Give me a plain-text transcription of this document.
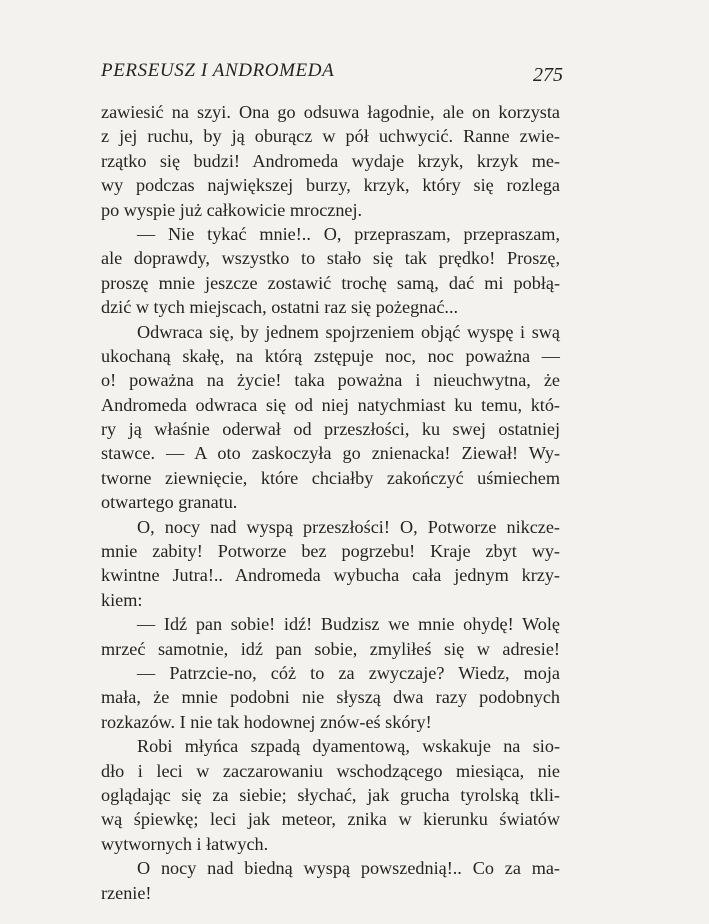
PERSEUSZ I ANDROMEDA	275
zawiesić na szyi. Ona go odsuwa łagodnie, ale on korzysta
z jej ruchu, by ją oburącz w pół uchwycić. Ranne zwie-
rzątko się budzi! Andromeda wydaje krzyk, krzyk me-
wy podczas największej burzy, krzyk, który się rozlega
po wyspie już całkowicie mrocznej.
— Nie tykać mnie!.. O, przepraszam, przepraszam,
ale doprawdy, wszystko to stało się tak prędko! Proszę,
proszę mnie jeszcze zostawić trochę samą, dać mi pobłą-
dzić w tych miejscach, ostatni raz się pożegnać...
Odwraca się, by jednem spojrzeniem objąć wyspę i swą
ukochaną skałę, na którą zstępuje noc, noc poważna —
o! poważna na życie! taka poważna i nieuchwytna, że
Andromeda odwraca się od niej natychmiast ku temu, któ-
ry ją właśnie oderwał od przeszłości, ku swej ostatniej
stawce. — A oto zaskoczyła go znienacka! Ziewał! Wy-
tworne ziewnięcie, które chciałby zakończyć uśmiechem
otwartego granatu.
O, nocy nad wyspą przeszłości! O, Potworze nikcze-
mnie zabity! Potworze bez pogrzebu! Kraje zbyt wy-
kwintne Jutra!.. Andromeda wybucha cała jednym krzy-
kiem:
— Idź pan sobie! idź! Budzisz we mnie ohydę! Wolę
mrzeć samotnie, idź pan sobie, zmyliłeś się w adresie!
— Patrzcie-no, cóż to za zwyczaje? Wiedz, moja
mała, że mnie podobni nie słyszą dwa razy podobnych
rozkazów. I nie tak hodownej znów-eś skóry!
Robi młyńca szpadą dyamentową, wskakuje na sio-
dło i leci w zaczarowaniu wschodzącego miesiąca, nie
oglądając się za siebie; słychać, jak grucha tyrolską tkli-
wą śpiewkę; leci jak meteor, znika w kierunku światów
wytwornych i łatwych.
O nocy nad biedną wyspą powszednią!.. Co za ma-
rzenie!
